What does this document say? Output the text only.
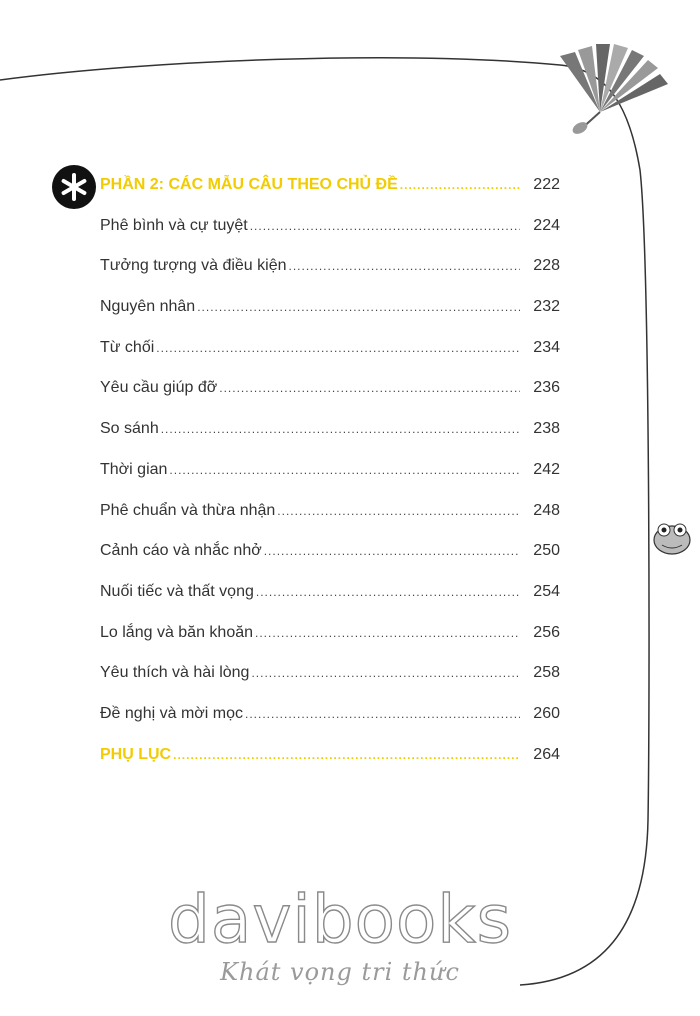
PHẦN 2: CÁC MẪU CÂU THEO CHỦ ĐỀ .....	222
Phê bình và cự tuyệt .....	224
Tưởng tượng và điều kiện .....	228
Nguyên nhân .....	232
Từ chối .....	234
Yêu cầu giúp đỡ .....	236
So sánh .....	238
Thời gian .....	242
Phê chuẩn và thừa nhận .....	248
Cảnh cáo và nhắc nhở .....	250
Nuối tiếc và thất vọng .....	254
Lo lắng và băn khoăn .....	256
Yêu thích và hài lòng .....	258
Đề nghị và mời mọc .....	260
PHỤ LỤC .....	264
davibooks
Khát vọng tri thức
